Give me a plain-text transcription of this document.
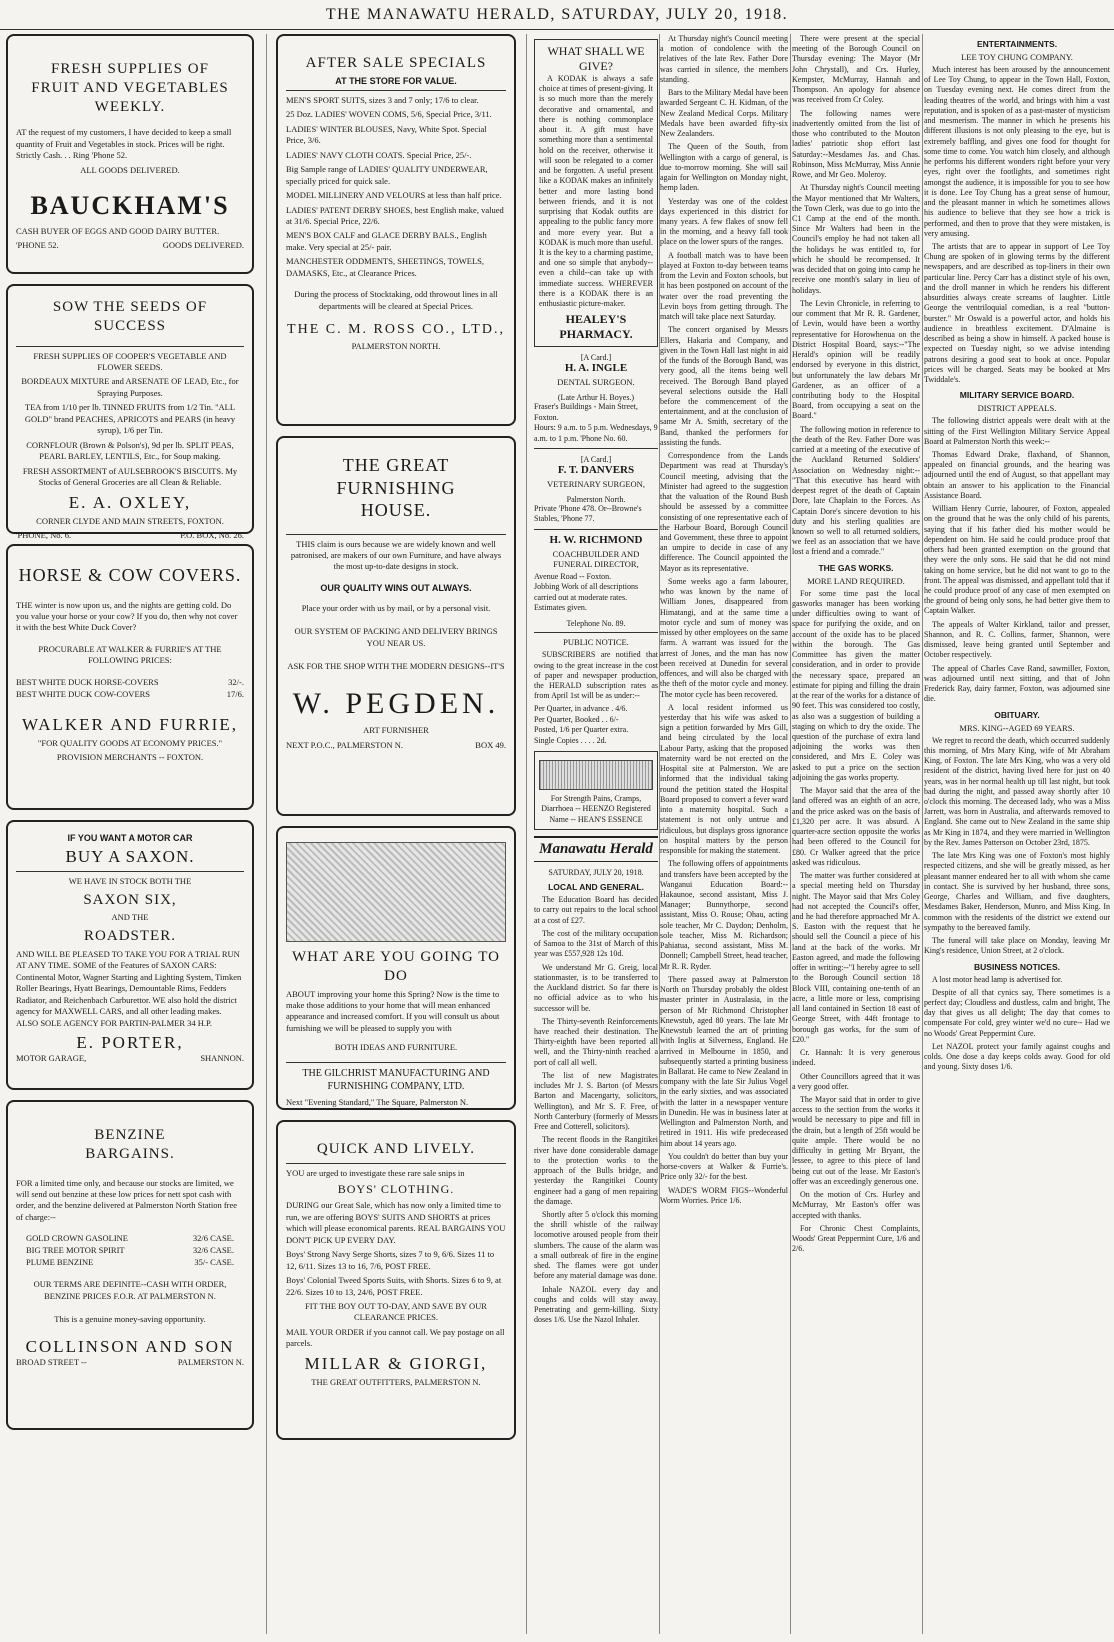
THE MANAWATU HERALD, SATURDAY, JULY 20, 1918.
FRESH SUPPLIES OF FRUIT AND VEGETABLES WEEKLY.
AT the request of my customers, I have decided to keep a small quantity of Fruit and Vegetables in stock. Prices will be right. Strictly Cash. . . Ring 'Phone 52.
ALL GOODS DELIVERED.
BAUCKHAM'S
CASH BUYER OF EGGS AND GOOD DAIRY BUTTER.
'PHONE 52.	GOODS DELIVERED.
SOW THE SEEDS OF SUCCESS
FRESH SUPPLIES OF COOPER'S VEGETABLE AND FLOWER SEEDS.
BORDEAUX MIXTURE and ARSENATE OF LEAD, Etc., for Spraying Purposes.
TEA from 1/10 per lb. TINNED FRUITS from 1/2 Tin. "ALL GOLD" brand PEACHES, APRICOTS and PEARS (in heavy syrup), 1/6 per Tin.
CORNFLOUR (Brown & Polson's), 9d per lb. SPLIT PEAS, PEARL BARLEY, LENTILS, Etc., for Soup making.
FRESH ASSORTMENT of AULSEBROOK'S BISCUITS. My Stocks of General Groceries are all Clean & Reliable.
E. A. OXLEY,
CORNER CLYDE AND MAIN STREETS, FOXTON.
'PHONE, No. 6.	P.O. BOX, No. 26.
HORSE & COW COVERS.
THE winter is now upon us, and the nights are getting cold. Do you value your horse or your cow? If you do, then why not cover it with the best White Duck Cover?
PROCURABLE AT WALKER & FURRIE'S AT THE FOLLOWING PRICES:
BEST WHITE DUCK HORSE-COVERS	32/-.
BEST WHITE DUCK COW-COVERS	17/6.
WALKER AND FURRIE,
"FOR QUALITY GOODS AT ECONOMY PRICES."
PROVISION MERCHANTS -- FOXTON.
IF YOU WANT A MOTOR CAR
BUY A SAXON.
WE HAVE IN STOCK BOTH THE
SAXON SIX,
AND THE
ROADSTER.
AND WILL BE PLEASED TO TAKE YOU FOR A TRIAL RUN AT ANY TIME. SOME of the Features of SAXON CARS: Continental Motor, Wagner Starting and Lighting System, Timken Roller Bearings, Hyatt Bearings, Demountable Rims, Fedders Radiator, and Reichenbach Carburettor. WE also hold the district agency for MAXWELL CARS, and all other leading makes. ALSO SOLE AGENCY FOR PARTIN-PALMER 34 H.P.
E. PORTER,
MOTOR GARAGE,	SHANNON.
BENZINE
BARGAINS.
FOR a limited time only, and because our stocks are limited, we will send out benzine at these low prices for nett spot cash with order, and the benzine delivered at Palmerston North Station free of charge:--
GOLD CROWN GASOLINE	32/6 CASE.
BIG TREE MOTOR SPIRIT	32/6 CASE.
PLUME BENZINE	35/- CASE.
OUR TERMS ARE DEFINITE--CASH WITH ORDER, BENZINE PRICES F.O.R. AT PALMERSTON N.
This is a genuine money-saving opportunity.
COLLINSON AND SON
BROAD STREET --	PALMERSTON N.
AFTER SALE SPECIALS
AT THE STORE FOR VALUE.
MEN'S SPORT SUITS, sizes 3 and 7 only; 17/6 to clear.
25 Doz. LADIES' WOVEN COMS, 5/6, Special Price, 3/11.
LADIES' WINTER BLOUSES, Navy, White Spot. Special Price, 3/6.
LADIES' NAVY CLOTH COATS. Special Price, 25/-.
Big Sample range of LADIES' QUALITY UNDERWEAR, specially priced for quick sale.
MODEL MILLINERY AND VELOURS at less than half price.
LADIES' PATENT DERBY SHOES, best English make, valued at 31/6. Special Price, 22/6.
MEN'S BOX CALF and GLACE DERBY BALS., English make. Very special at 25/- pair.
MANCHESTER ODDMENTS, SHEETINGS, TOWELS, DAMASKS, Etc., at Clearance Prices.
During the process of Stocktaking, odd throwout lines in all departments will be cleared at Special Prices.
THE C. M. ROSS CO., LTD.,
PALMERSTON NORTH.
THE GREAT FURNISHING HOUSE.
THIS claim is ours because we are widely known and well patronised, are makers of our own Furniture, and have always the most up-to-date designs in stock.
OUR QUALITY WINS OUT ALWAYS.
Place your order with us by mail, or by a personal visit.
OUR SYSTEM OF PACKING AND DELIVERY BRINGS YOU NEAR US.
ASK FOR THE SHOP WITH THE MODERN DESIGNS--IT'S
W. PEGDEN.
ART FURNISHER
NEXT P.O.C., PALMERSTON N.	BOX 49.
WHAT ARE YOU GOING TO DO
ABOUT improving your home this Spring? Now is the time to make those additions to your home that will mean enhanced appearance and increased comfort. If you will consult us about furnishing we will be pleased to supply you with
BOTH IDEAS AND FURNITURE.
THE GILCHRIST MANUFACTURING AND FURNISHING COMPANY, LTD.
Next "Evening Standard," The Square, Palmerston N.
QUICK AND LIVELY.
YOU are urged to investigate these rare sale snips in
BOYS' CLOTHING.
DURING our Great Sale, which has now only a limited time to run, we are offering BOYS' SUITS AND SHORTS at prices which will please economical parents. REAL BARGAINS YOU DON'T PICK UP EVERY DAY.
Boys' Strong Navy Serge Shorts, sizes 7 to 9, 6/6. Sizes 11 to 12, 6/11. Sizes 13 to 16, 7/6, POST FREE.
Boys' Colonial Tweed Sports Suits, with Shorts. Sizes 6 to 9, at 22/6. Sizes 10 to 13, 24/6, POST FREE.
FIT THE BOY OUT TO-DAY, AND SAVE BY OUR CLEARANCE PRICES.
MAIL YOUR ORDER if you cannot call. We pay postage on all parcels.
MILLAR & GIORGI,
THE GREAT OUTFITTERS, PALMERSTON N.
WHAT SHALL WE GIVE?
A KODAK is always a safe choice at times of present-giving. It is so much more than the merely decorative and ornamental, and there is nothing commonplace about it. A gift must have something more than a sentimental hold on the receiver, otherwise it will soon be relegated to a corner and be forgotten. A useful present like a KODAK makes an infinitely better and more lasting bond between friends, and it is not surprising that Kodak outfits are appealing to the public fancy more and more every year. But a KODAK is much more than useful. It is the key to a charming pastime, and one so simple that anybody--even a child--can take up with immediate success. WHEREVER there is a KODAK there is an enthusiastic picture-maker.
HEALEY'S PHARMACY.
[A Card.]
H. A. INGLE
DENTAL SURGEON.
(Late Arthur H. Boyes.)
Fraser's Buildings - Main Street, Foxton.
Hours: 9 a.m. to 5 p.m. Wednesdays, 9 a.m. to 1 p.m. 'Phone No. 60.
[A Card.]
F. T. DANVERS
VETERINARY SURGEON,
Palmerston North.
Private 'Phone 478. Or--Browne's Stables, 'Phone 77.
H. W. RICHMOND
COACHBUILDER AND FUNERAL DIRECTOR,
Avenue Road -- Foxton.
Jobbing Work of all descriptions carried out at moderate rates. Estimates given.
Telephone No. 89.
PUBLIC NOTICE.
SUBSCRIBERS are notified that owing to the great increase in the cost of paper and newspaper production, the HERALD subscription rates as from April 1st will be as under:--
Per Quarter, in advance . 4/6.
Per Quarter, Booked . . 6/-
Posted, 1/6 per Quarter extra.
Single Copies . . . . 2d.
For Strength Pains, Cramps, Diarrhoea -- HEENZO Registered Name -- HEAN'S ESSENCE
Manawatu Herald
SATURDAY, JULY 20, 1918.
LOCAL AND GENERAL.
The Education Board has decided to carry out repairs to the local school at a cost of £27.
The cost of the military occupation of Samoa to the 31st of March of this year was £557,928 12s 10d.
We understand Mr G. Greig, local stationmaster, is to be transferred to the Auckland district. So far there is no official advice as to who his successor will be.
The Thirty-seventh Reinforcements have reached their destination. The Thirty-eighth have been reported all well, and the Thirty-ninth reached a port of call all well.
The list of new Magistrates includes Mr J. S. Barton (of Messrs Barton and Macengarty, solicitors, Wellington), and Mr S. F. Free, of North Canterbury (formerly of Messrs Free and Cotterell, solicitors).
The recent floods in the Rangitikei river have done considerable damage to the protection works to the approach of the Bulls bridge, and yesterday the Rangitikei County engineer had a gang of men repairing the damage.
Shortly after 5 o'clock this morning the shrill whistle of the railway locomotive aroused people from their slumbers. The cause of the alarm was a small outbreak of fire in the engine shed. The flames were got under before any material damage was done.
Inhale NAZOL every day and coughs and colds will stay away. Penetrating and germ-killing. Sixty doses 1/6. Use the Nazol Inhaler.
At Thursday night's Council meeting a motion of condolence with the relatives of the late Rev. Father Dore was carried in silence, the members standing.
Bars to the Military Medal have been awarded Sergeant C. H. Kidman, of the New Zealand Medical Corps. Military Medals have been awarded fifty-six New Zealanders.
The Queen of the South, from Wellington with a cargo of general, is due to-morrow morning. She will sail again for Wellington on Monday night, hemp laden.
Yesterday was one of the coldest days experienced in this district for many years. A few flakes of snow fell in the morning, and a heavy fall took place on the lower spurs of the ranges.
A football match was to have been played at Foxton to-day between teams from the Levin and Foxton schools, but it has been postponed on account of the water over the road preventing the Levin boys from getting through. The match will take place next Saturday.
The concert organised by Messrs Ellers, Hakaria and Company, and given in the Town Hall last night in aid of the funds of the Borough Band, was very good, all the items being well received. The Borough Band played several selections outside the Hall before the commencement of the entertainment, and at the conclusion of same Mr A. Smith, secretary of the Band, thanked the performers for assisting the funds.
Correspondence from the Lands Department was read at Thursday's Council meeting, advising that the Minister had agreed to the suggestion that the valuation of the Round Bush should be assessed by a committee consisting of one representative each of the Harbour Board, Borough Council and Government, these three to appoint an umpire to decide in case of any difference. The Council appointed the Mayor as its representative.
Some weeks ago a farm labourer, who was known by the name of William Jones, disappeared from Himatangi, and at the same time a motor cycle and sum of money was missed by other employees on the same farm. A warrant was issued for the arrest of Jones, and the man has now been received at Dunedin for several offences, and will also be charged with the theft of the motor cycle and money. The motor cycle has been recovered.
A local resident informed us yesterday that his wife was asked to sign a petition forwarded by Mrs Gill, and being circulated by the local Labour Party, asking that the proposed maternity ward be not erected on the Hospital site at Palmerston. We are informed that the individual taking round the petition stated the Hospital Board proposed to convert a fever ward into a maternity hospital. Such a statement is not only untrue and ridiculous, but displays gross ignorance on hospital matters by the person responsible for making the statement.
The following offers of appointments and transfers have been accepted by the Wanganui Education Board:--Hakaunoe, second assistant, Miss J. Manager; Bunnythorpe, second assistant, Miss O. Rouse; Ohau, acting sole teacher, Mr C. Daydon; Denholm, sole teacher, Miss M. Richardson; Pahiatua, second assistant, Miss M. Donnell; Campbell Street, head teacher, Mr R. R. Ryder.
There passed away at Palmerston North on Thursday probably the oldest master printer in Australasia, in the person of Mr Richmond Christopher Knewstub, aged 80 years. The late Mr Knewstub learned the art of printing with Inglis at Silverness, England. He arrived in Melbourne in 1850, and subsequently started a printing business in Ballarat. He came to New Zealand in company with the late Sir Julius Vogel in the early sixties, and was associated with the latter in a newspaper venture in Dunedin. He was in business later at Wellington and Palmerston North, and retired in 1911. His wife predeceased him about 14 years ago.
You couldn't do better than buy your horse-covers at Walker & Furrie's. Price only 32/- for the best.
WADE'S WORM FIGS--Wonderful Worm Worries. Price 1/6.
There were present at the special meeting of the Borough Council on Thursday evening: The Mayor (Mr John Chrystall), and Crs. Hurley, Kempster, McMurray, Hannah and Thompson. An apology for absence was received from Cr Coley.
The following names were inadvertently omitted from the list of those who contributed to the Mouton ladies' patriotic shop effort last Saturday:--Mesdames Jas. and Chas. Robinson, Miss McMurray, Miss Annie Rowe, and Mr Geo. Moleroy.
At Thursday night's Council meeting the Mayor mentioned that Mr Walters, the Town Clerk, was due to go into the C1 Camp at the end of the month. Since Mr Walters had been in the Council's employ he had not taken all the holidays he was entitled to, for which he should be recompensed. It was decided that on going into camp he receive one month's salary in lieu of holidays.
The Levin Chronicle, in referring to our comment that Mr R. R. Gardener, of Levin, would have been a worthy representative for Horowhenua on the District Hospital Board, says:--"The Herald's opinion will be readily endorsed by everyone in this district, but unfortunately the law debars Mr Gardener, as an officer of a contributing body to the Hospital Board, from occupying a seat on the Board."
The following motion in reference to the death of the Rev. Father Dore was carried at a meeting of the executive of the Auckland Returned Soldiers' Association on Wednesday night:--"That this executive has heard with deepest regret of the death of Captain Dore, late Chaplain to the Forces. As Captain Dore's sincere devotion to his duty and his sterling qualities are known so well to all returned soldiers, we feel as an association that we have lost a friend and a comrade."
THE GAS WORKS.
MORE LAND REQUIRED.
For some time past the local gasworks manager has been working under difficulties owing to want of space for purifying the oxide, and on account of the oxide has to be placed within the borough. The Gas Committee has given the matter consideration, and in order to provide the necessary space, prepared an estimate for piping and filling the drain at the rear of the works for a distance of 90 feet. This was considered too costly, as also was a suggestion of building a staging on which to dry the oxide. The question of the purchase of extra land adjoining the works was then considered, and Mrs E. Coley was asked to put a price on the section adjoining the gas works property.
The Mayor said that the area of the land offered was an eighth of an acre, and the price asked was on the basis of £1,320 per acre. It was absurd. A quarter-acre section opposite the works had been offered to the Council for £80. Cr Walker agreed that the price asked was ridiculous.
The matter was further considered at a special meeting held on Thursday night. The Mayor said that Mrs Coley had not accepted the Council's offer, and he had therefore approached Mr A. S. Easton with the request that he should sell the Council a piece of his land at the back of the works. Mr Easton agreed, and made the following offer in writing:--"I hereby agree to sell to the Borough Council section 18 Block VIII, containing one-tenth of an acre, a little more or less, comprising all land contained in Section 18 east of George Street, with 44ft frontage to borough gas works, for the sum of £20."
Cr. Hannah: It is very generous indeed.
Other Councillors agreed that it was a very good offer.
The Mayor said that in order to give access to the section from the works it would be necessary to pipe and fill in the drain, but a length of 25ft would be quite ample. There would be no difficulty in getting Mr Bryant, the lessee, to agree to this piece of land being cut out of the lease. Mr Easton's offer was an exceedingly generous one.
On the motion of Crs. Hurley and McMurray, Mr Easton's offer was accepted with thanks.
For Chronic Chest Complaints, Woods' Great Peppermint Cure, 1/6 and 2/6.
ENTERTAINMENTS.
LEE TOY CHUNG COMPANY.
Much interest has been aroused by the announcement of Lee Toy Chung, to appear in the Town Hall, Foxton, on Tuesday evening next. He comes direct from the leading theatres of the world, and brings with him a vast reputation, and is spoken of as a past-master of mysticism and mesmerism. The manner in which he presents his different illusions is not only pleasing to the eye, but is extremely baffling, and gives one food for thought for some time to come. You watch him closely, and although he performs his different wonders right before your very eyes, right over the footlights, and sometimes right amongst the audience, it is impossible for you to see how it is done. Lee Toy Chung has a great sense of humour, and the pleasant manner in which he sometimes allows his audience to believe that they see how a trick is performed, and then to prove that they were mistaken, is very amusing.
The artists that are to appear in support of Lee Toy Chung are spoken of in glowing terms by the different newspapers, and are described as top-liners in their own particular line. Percy Carr has a distinct style of his own, and the droll manner in which he renders his different absurdities always create screams of laughter. Little George the ventriloquial comedian, is a real "button-burster." Mr Oswald is a powerful actor, and holds his audience in breathless excitement. D'Almaine is described as being a show in himself. A packed house is expected on Tuesday night, so we advise intending patrons desiring a good seat to book at once. Popular prices will be charged. Seats may be booked at Mrs Twiddale's.
MILITARY SERVICE BOARD.
DISTRICT APPEALS.
The following district appeals were dealt with at the sitting of the First Wellington Military Service Appeal Board at Palmerston North this week:--
Thomas Edward Drake, flaxhand, of Shannon, appealed on financial grounds, and the hearing was adjourned until the end of August, so that appellant may obtain an answer to his application to the Financial Assistance Board.
William Henry Currie, labourer, of Foxton, appealed on the ground that he was the only child of his parents, saying that if his father died his mother would be dependent on him. He said he could produce proof that others had been granted exemption on the ground that they were the only sons. He said that he did not mind taking on home service, but he did not want to go to the front. The appeal was dismissed, and appellant told that if he could produce proof of any case of men exempted on the ground of being only sons, he had better give them to Captain Walker.
The appeals of Walter Kirkland, tailor and presser, Shannon, and R. C. Collins, farmer, Shannon, were dismissed, leave being granted until September and October respectively.
The appeal of Charles Cave Rand, sawmiller, Foxton, was adjourned until next sitting, and that of John Frederick Ray, dairy farmer, Foxton, was adjourned sine die.
OBITUARY.
MRS. KING--AGED 69 YEARS.
We regret to record the death, which occurred suddenly this morning, of Mrs Mary King, wife of Mr Abraham King, of Foxton. The late Mrs King, who was a very old resident of the district, having lived here for just on 40 years, was in her normal health up till last night, but took bad during the night, and passed away shortly after 10 o'clock this morning. The deceased lady, who was a Miss Jarrett, was born in Australia, and afterwards removed to England. She came out to New Zealand in the same ship as Mr King in 1874, and they were married in Wellington by the Rev. James Patterson on October 23rd, 1875.
The late Mrs King was one of Foxton's most highly respected citizens, and she will be greatly missed, as her pleasant manner endeared her to all with whom she came in contact. She is survived by her husband, three sons, George, Charles and William, and five daughters, Mesdames Baker, Henderson, Munro, and Miss King. In common with the residents of the district we extend our sympathy to the bereaved family.
The funeral will take place on Monday, leaving Mr King's residence, Union Street, at 2 o'clock.
BUSINESS NOTICES.
A lost motor head lamp is advertised for.
Despite of all that cynics say, There sometimes is a perfect day; Cloudless and dustless, calm and bright, The day that gives us all delight; The day that comes to compensate For cold, grey winter we'd no cure-- Had we no Woods' Great Peppermint Cure.
Let NAZOL protect your family against coughs and colds. One dose a day keeps colds away. Good for old and young. Sixty doses 1/6.
